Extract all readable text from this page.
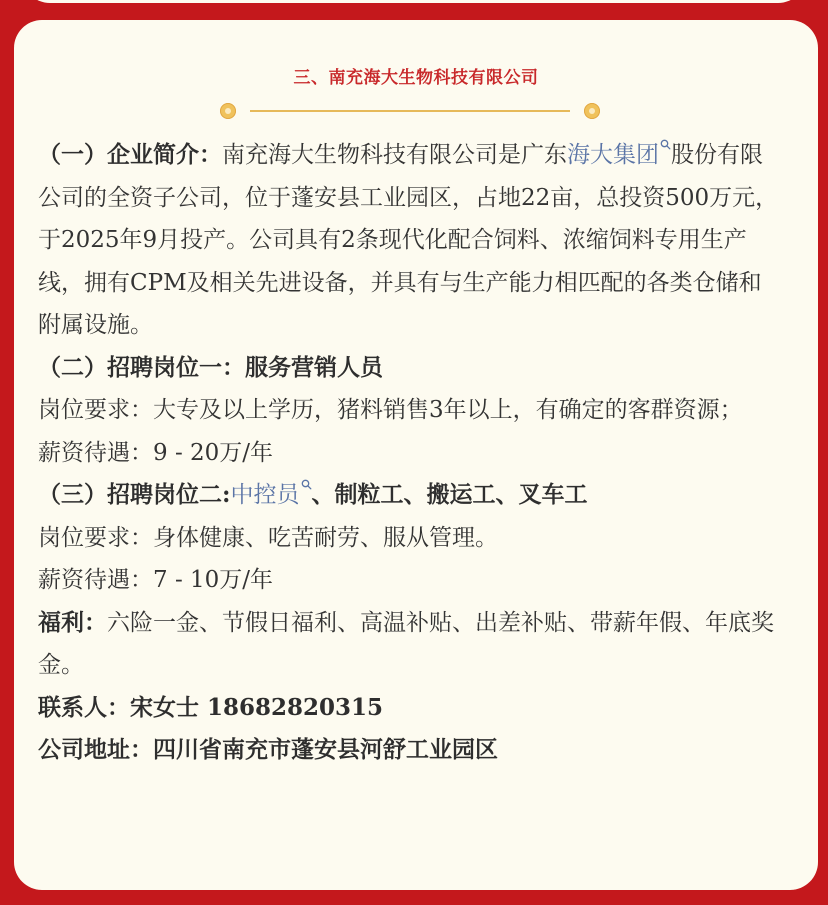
三、南充海大生物科技有限公司

（一）企业简介：南充海大生物科技有限公司是广东海大集团 股份有限公司的全资子公司，位于蓬安县工业园区，占地22亩，总投资500万元，于2025年9月投产。公司具有2条现代化配合饲料、浓缩饲料专用生产线，拥有CPM及相关先进设备，并具有与生产能力相匹配的各类仓储和附属设施。

（二）招聘岗位一：服务营销人员

岗位要求：大专及以上学历，猪料销售3年以上，有确定的客群资源；

薪资待遇：9 - 20万/年

（三）招聘岗位二:中控员 、制粒工、搬运工、叉车工

岗位要求：身体健康、吃苦耐劳、服从管理。

薪资待遇：7 - 10万/年

福利：六险一金、节假日福利、高温补贴、出差补贴、带薪年假、年底奖金。

联系人：宋女士 18682820315

公司地址：四川省南充市蓬安县河舒工业园区
